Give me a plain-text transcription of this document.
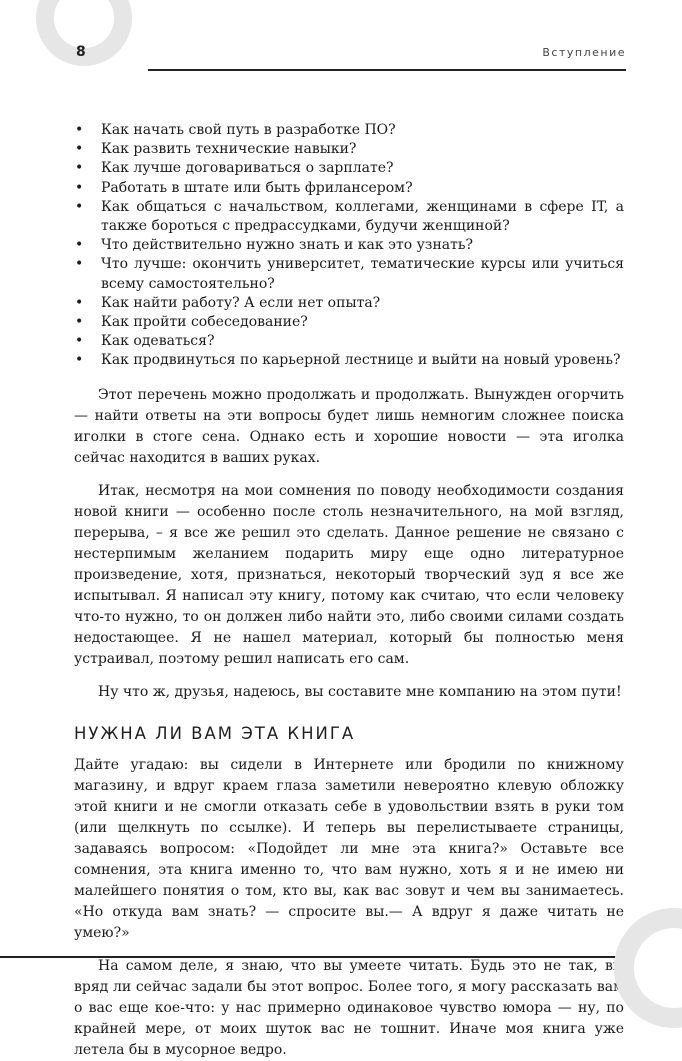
8	Вступление
• Как начать свой путь в разработке ПО?
• Как развить технические навыки?
• Как лучше договариваться о зарплате?
• Работать в штате или быть фрилансером?
• Как общаться с начальством, коллегами, женщинами в сфере IT, а также бороться с предрассудками, будучи женщиной?
• Что действительно нужно знать и как это узнать?
• Что лучше: окончить университет, тематические курсы или учиться всему самостоятельно?
• Как найти работу? А если нет опыта?
• Как пройти собеседование?
• Как одеваться?
• Как продвинуться по карьерной лестнице и выйти на новый уровень?

Этот перечень можно продолжать и продолжать. Вынужден огорчить — найти ответы на эти вопросы будет лишь немногим сложнее поиска иголки в стоге сена. Однако есть и хорошие новости — эта иголка сейчас находится в ваших руках.

Итак, несмотря на мои сомнения по поводу необходимости создания новой книги — особенно после столь незначительного, на мой взгляд, перерыва, – я все же решил это сделать. Данное решение не связано с нестерпимым желанием подарить миру еще одно литературное произведение, хотя, признаться, некоторый творческий зуд я все же испытывал. Я написал эту книгу, потому как считаю, что если человеку что-то нужно, то он должен либо найти это, либо своими силами создать недостающее. Я не нашел материал, который бы полностью меня устраивал, поэтому решил написать его сам.

Ну что ж, друзья, надеюсь, вы составите мне компанию на этом пути!

НУЖНА ЛИ ВАМ ЭТА КНИГА

Дайте угадаю: вы сидели в Интернете или бродили по книжному магазину, и вдруг краем глаза заметили невероятно клевую обложку этой книги и не смогли отказать себе в удовольствии взять в руки том (или щелкнуть по ссылке). И теперь вы перелистываете страницы, задаваясь вопросом: «Подойдет ли мне эта книга?» Оставьте все сомнения, эта книга именно то, что вам нужно, хоть я и не имею ни малейшего понятия о том, кто вы, как вас зовут и чем вы занимаетесь. «Но откуда вам знать? — спросите вы.— А вдруг я даже читать не умею?»

На самом деле, я знаю, что вы умеете читать. Будь это не так, вы вряд ли сейчас задали бы этот вопрос. Более того, я могу рассказать вам о вас еще кое-что: у нас примерно одинаковое чувство юмора — ну, по крайней мере, от моих шуток вас не тошнит. Иначе моя книга уже летела бы в мусорное ведро.
